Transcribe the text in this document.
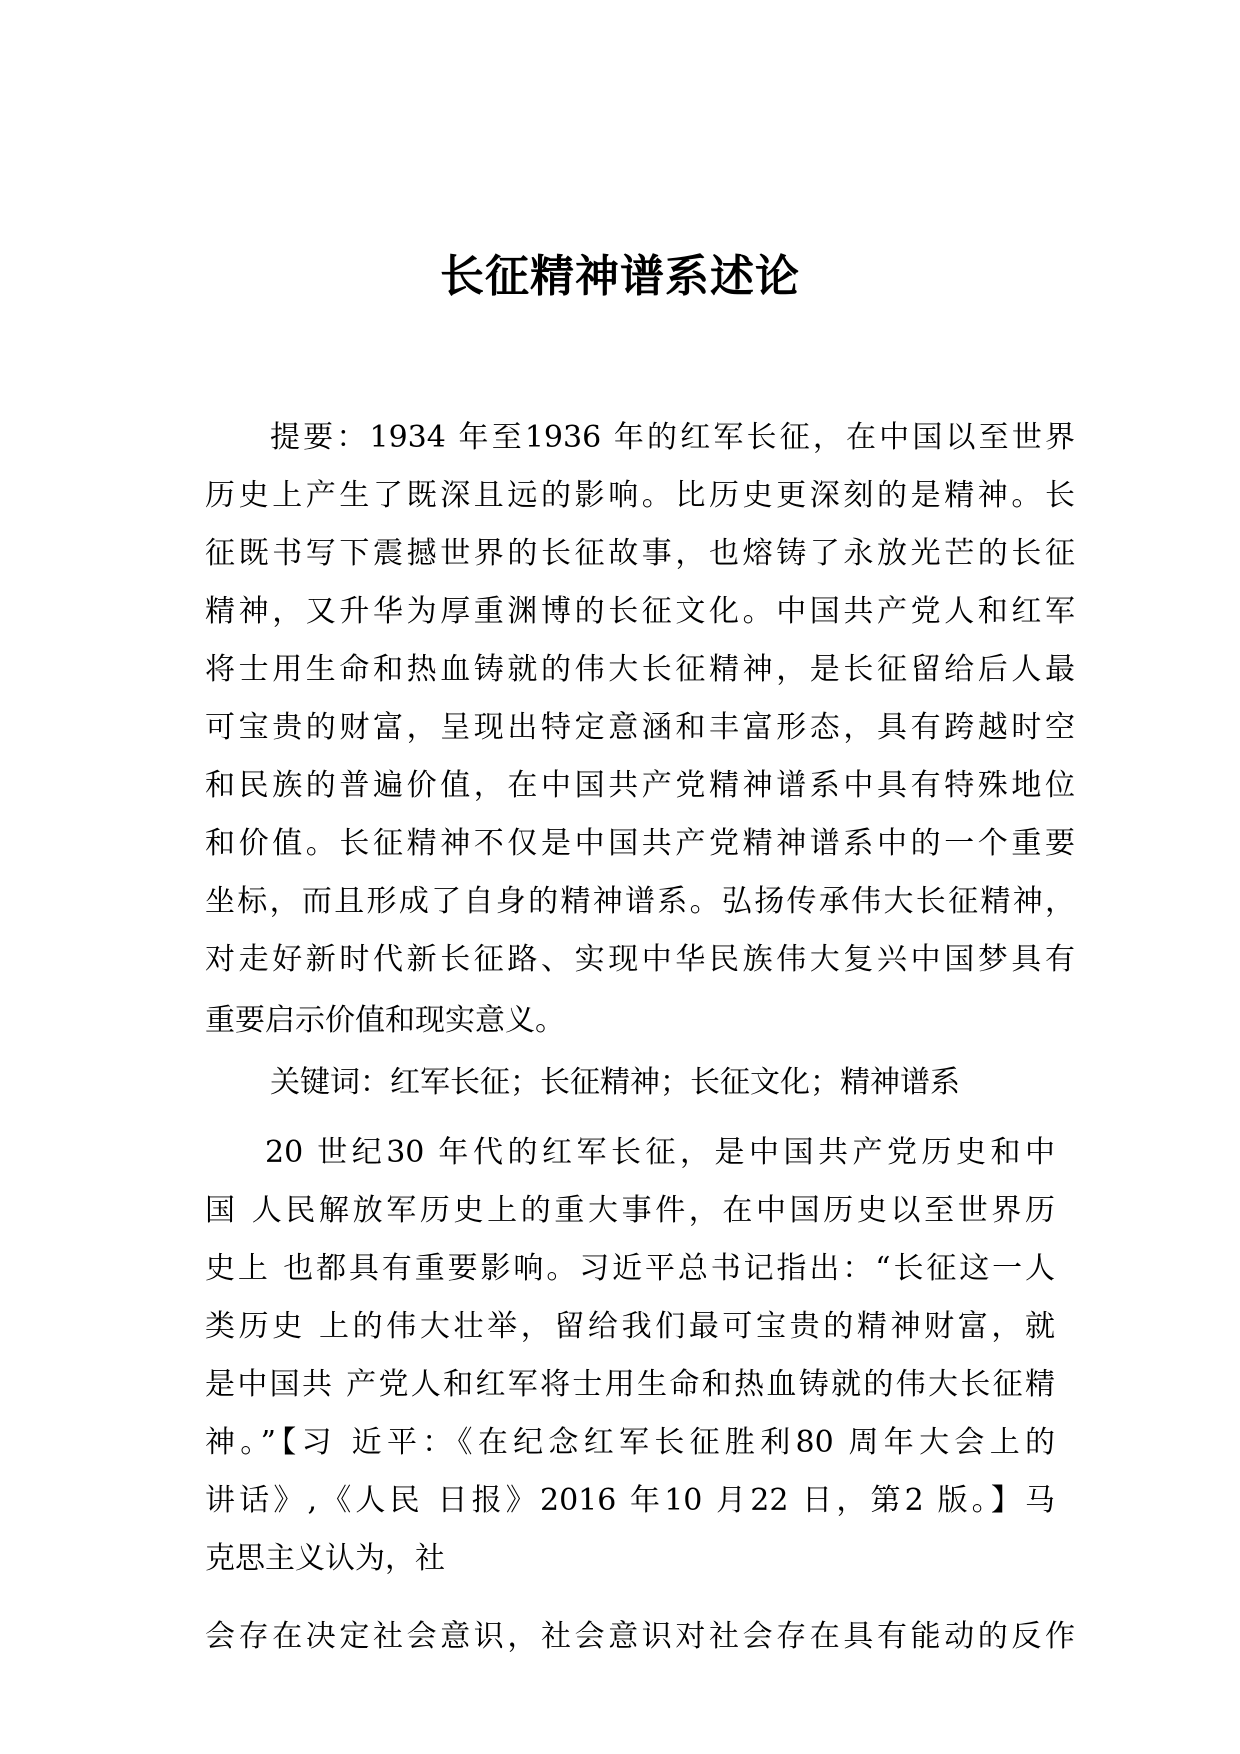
长征精神谱系述论
提要：1934 年至1936 年的红军长征，在中国以至世界
历史上产生了既深且远的影响。比历史更深刻的是精神。长
征既书写下震撼世界的长征故事，也熔铸了永放光芒的长征
精神，又升华为厚重渊博的长征文化。中国共产党人和红军
将士用生命和热血铸就的伟大长征精神，是长征留给后人最
可宝贵的财富，呈现出特定意涵和丰富形态，具有跨越时空
和民族的普遍价值，在中国共产党精神谱系中具有特殊地位
和价值。长征精神不仅是中国共产党精神谱系中的一个重要
坐标，而且形成了自身的精神谱系。弘扬传承伟大长征精神，
对走好新时代新长征路、实现中华民族伟大复兴中国梦具有
重要启示价值和现实意义。
关键词：红军长征；长征精神；长征文化；精神谱系
20 世纪30 年代的红军长征，是中国共产党历史和中
国 人民解放军历史上的重大事件，在中国历史以至世界历
史上 也都具有重要影响。习近平总书记指出：“长征这一人
类历史 上的伟大壮举，留给我们最可宝贵的精神财富，就
是中国共 产党人和红军将士用生命和热血铸就的伟大长征精
神。”【习 近平：《在纪念红军长征胜利80 周年大会上的
讲话》,《人民 日报》2016 年10 月22 日，第2 版。】马
克思主义认为，社
会存在决定社会意识，社会意识对社会存在具有能动的反作
